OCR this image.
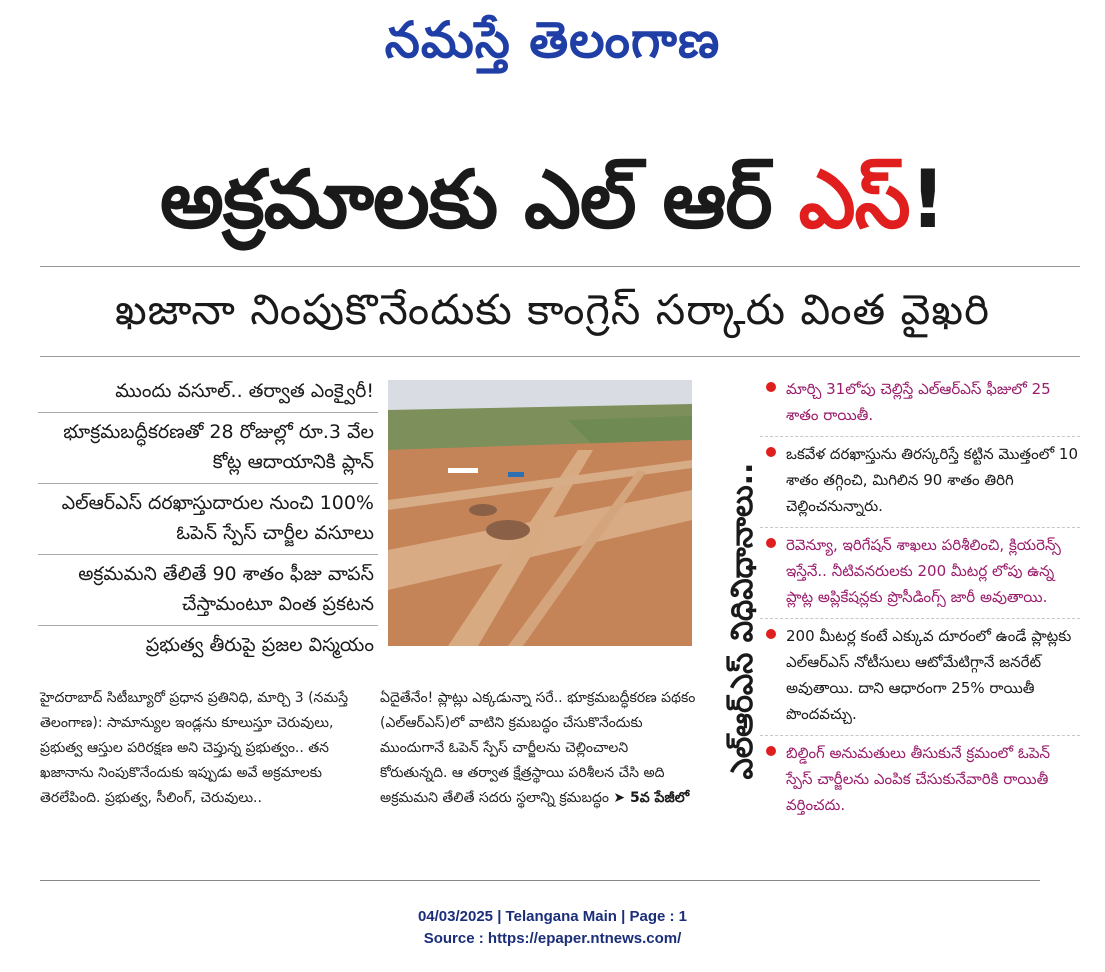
నమస్తే తెలంగాణ
అక్రమాలకు ఎల్ ఆర్ ఎస్!
ఖజానా నింపుకొనేందుకు కాంగ్రెస్ సర్కారు వింత వైఖరి
ముందు వసూల్.. తర్వాత ఎంక్వైరీ!
భూక్రమబద్ధీకరణతో 28 రోజుల్లో రూ.3 వేల కోట్ల ఆదాయానికి ప్లాన్
ఎల్ఆర్ఎస్ దరఖాస్తుదారుల నుంచి 100% ఓపెన్ స్పేస్ చార్జీల వసూలు
అక్రమమని తేలితే 90 శాతం ఫీజు వాపస్ చేస్తామంటూ వింత ప్రకటన
ప్రభుత్వ తీరుపై ప్రజల విస్మయం
హైదరాబాద్ సిటీబ్యూరో ప్రధాన ప్రతినిధి, మార్చి 3 (నమస్తే తెలంగాణ): సామాన్యుల ఇండ్లను కూలుస్తూ చెరువులు, ప్రభుత్వ ఆస్తుల పరిరక్షణ అని చెప్తున్న ప్రభుత్వం.. తన ఖజానాను నింపుకొనేందుకు ఇప్పుడు అవే అక్రమాలకు తెరలేపింది. ప్రభుత్వ, సీలింగ్, చెరువులు..
ఏదైతేనేం! ప్లాట్లు ఎక్కడున్నా సరే.. భూక్రమబద్ధీకరణ పథకం (ఎల్ఆర్ఎస్)లో వాటిని క్రమబద్ధం చేసుకొనేందుకు ముందుగానే ఓపెన్ స్పేస్ చార్జీలను చెల్లించాలని కోరుతున్నది. ఆ తర్వాత క్షేత్రస్థాయి పరిశీలన చేసి అది అక్రమమని తేలితే సదరు స్థలాన్ని క్రమబద్ధం ➤ 5వ పేజీలో
ఎల్ఆర్ఎస్ విధివిధానాలు..
మార్చి 31లోపు చెల్లిస్తే ఎల్ఆర్ఎస్ ఫీజులో 25 శాతం రాయితీ.
ఒకవేళ దరఖాస్తును తిరస్కరిస్తే కట్టిన మొత్తంలో 10 శాతం తగ్గించి, మిగిలిన 90 శాతం తిరిగి చెల్లించనున్నారు.
రెవెన్యూ, ఇరిగేషన్ శాఖలు పరిశీలించి, క్లియరెన్స్ ఇస్తేనే.. నీటివనరులకు 200 మీటర్ల లోపు ఉన్న ప్లాట్ల అప్లికేషన్లకు ప్రొసీడింగ్స్ జారీ అవుతాయి.
200 మీటర్ల కంటే ఎక్కువ దూరంలో ఉండే ప్లాట్లకు ఎల్ఆర్ఎస్ నోటీసులు ఆటోమేటిగ్గానే జనరేట్ అవుతాయి. దాని ఆధారంగా 25% రాయితీ పొందవచ్చు.
బిల్డింగ్ అనుమతులు తీసుకునే క్రమంలో ఓపెన్ స్పేస్ చార్జీలను ఎంపిక చేసుకునేవారికి రాయితీ వర్తించదు.
04/03/2025 | Telangana Main | Page : 1
Source : https://epaper.ntnews.com/
